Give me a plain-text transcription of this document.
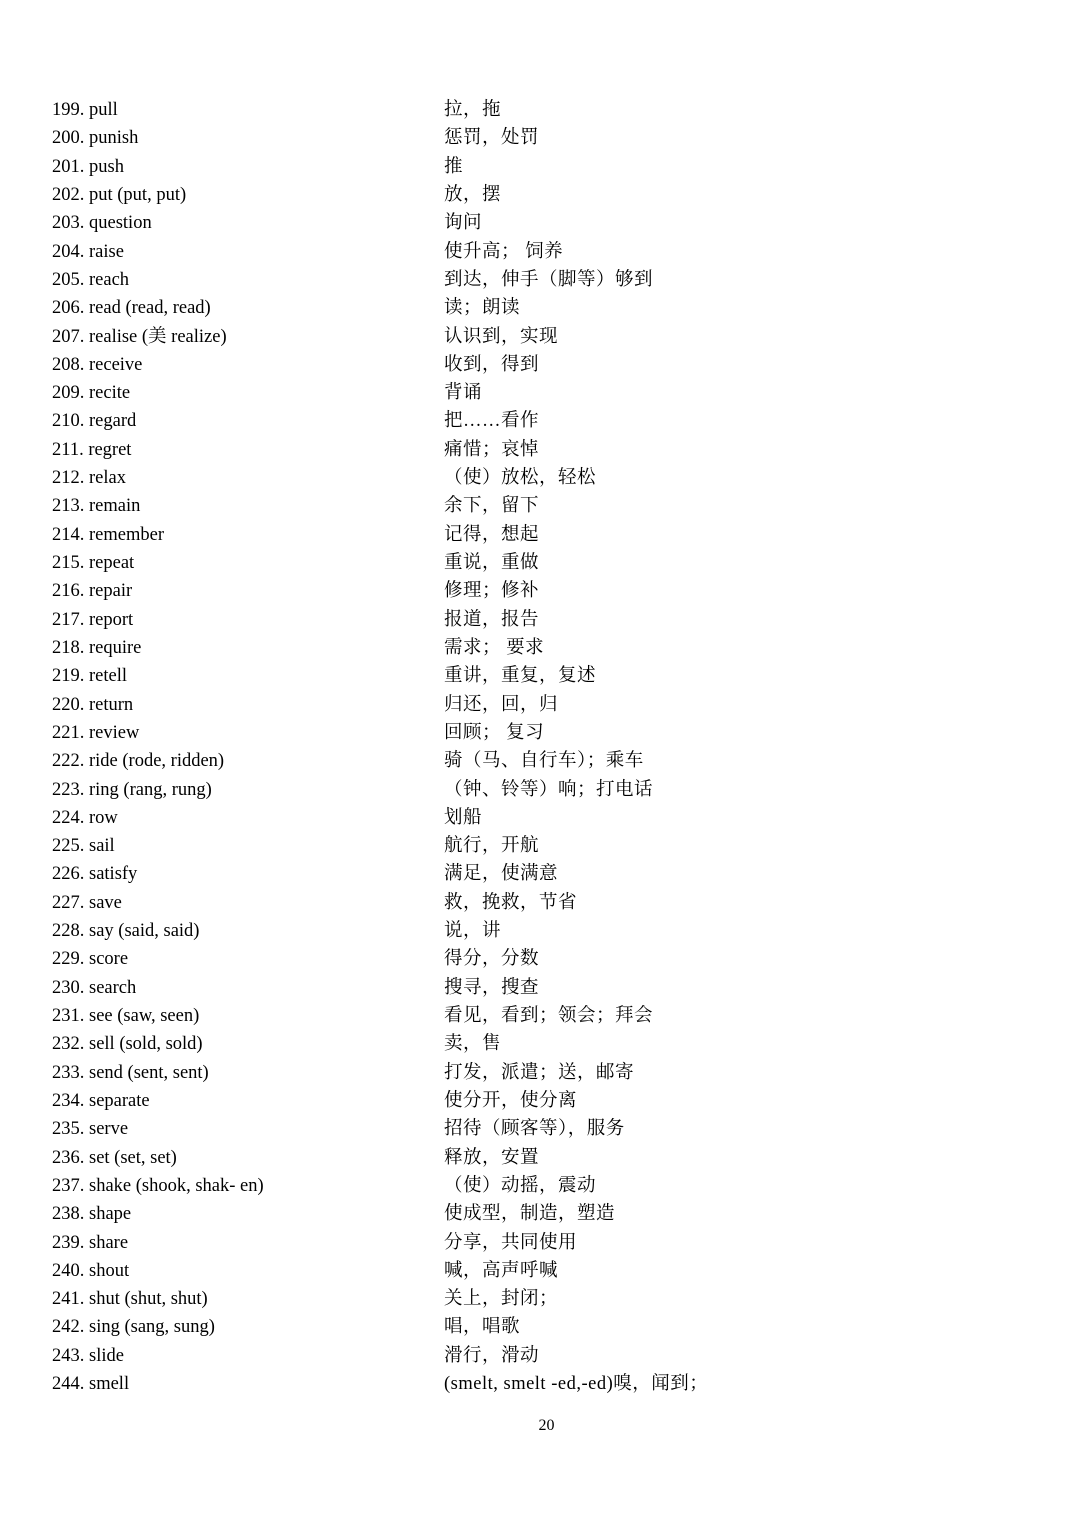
199. pull	拉，拖
200. punish	惩罚，处罚
201. push	推
202. put (put, put)	放，摆
203. question	询问
204. raise	使升高； 饲养
205. reach	到达，伸手（脚等）够到
206. read (read, read)	读；朗读
207. realise (美 realize)	认识到，实现
208. receive	收到，得到
209. recite	背诵
210. regard	把……看作
211. regret	痛惜；哀悼
212. relax	（使）放松，轻松
213. remain	余下，留下
214. remember	记得，想起
215. repeat	重说，重做
216. repair	修理；修补
217. report	报道，报告
218. require	需求； 要求
219. retell	重讲，重复，复述
220. return	归还，回，归
221. review	回顾； 复习
222. ride (rode, ridden)	骑（马、自行车）；乘车
223. ring (rang, rung)	（钟、铃等）响；打电话
224. row	划船
225. sail	航行，开航
226. satisfy	满足，使满意
227. save	救，挽救，节省
228. say (said, said)	说，讲
229. score	得分，分数
230. search	搜寻，搜查
231. see (saw, seen)	看见，看到；领会；拜会
232. sell (sold, sold)	卖，售
233. send (sent, sent)	打发，派遣；送，邮寄
234. separate	使分开，使分离
235. serve	招待（顾客等），服务
236. set (set, set)	释放，安置
237. shake (shook, shak- en)	（使）动摇，震动
238. shape	使成型，制造，塑造
239. share	分享，共同使用
240. shout	喊，高声呼喊
241. shut (shut, shut)	关上，封闭；
242. sing (sang, sung)	唱，唱歌
243. slide	滑行，滑动
244. smell	(smelt, smelt -ed,-ed)嗅，闻到；
20
